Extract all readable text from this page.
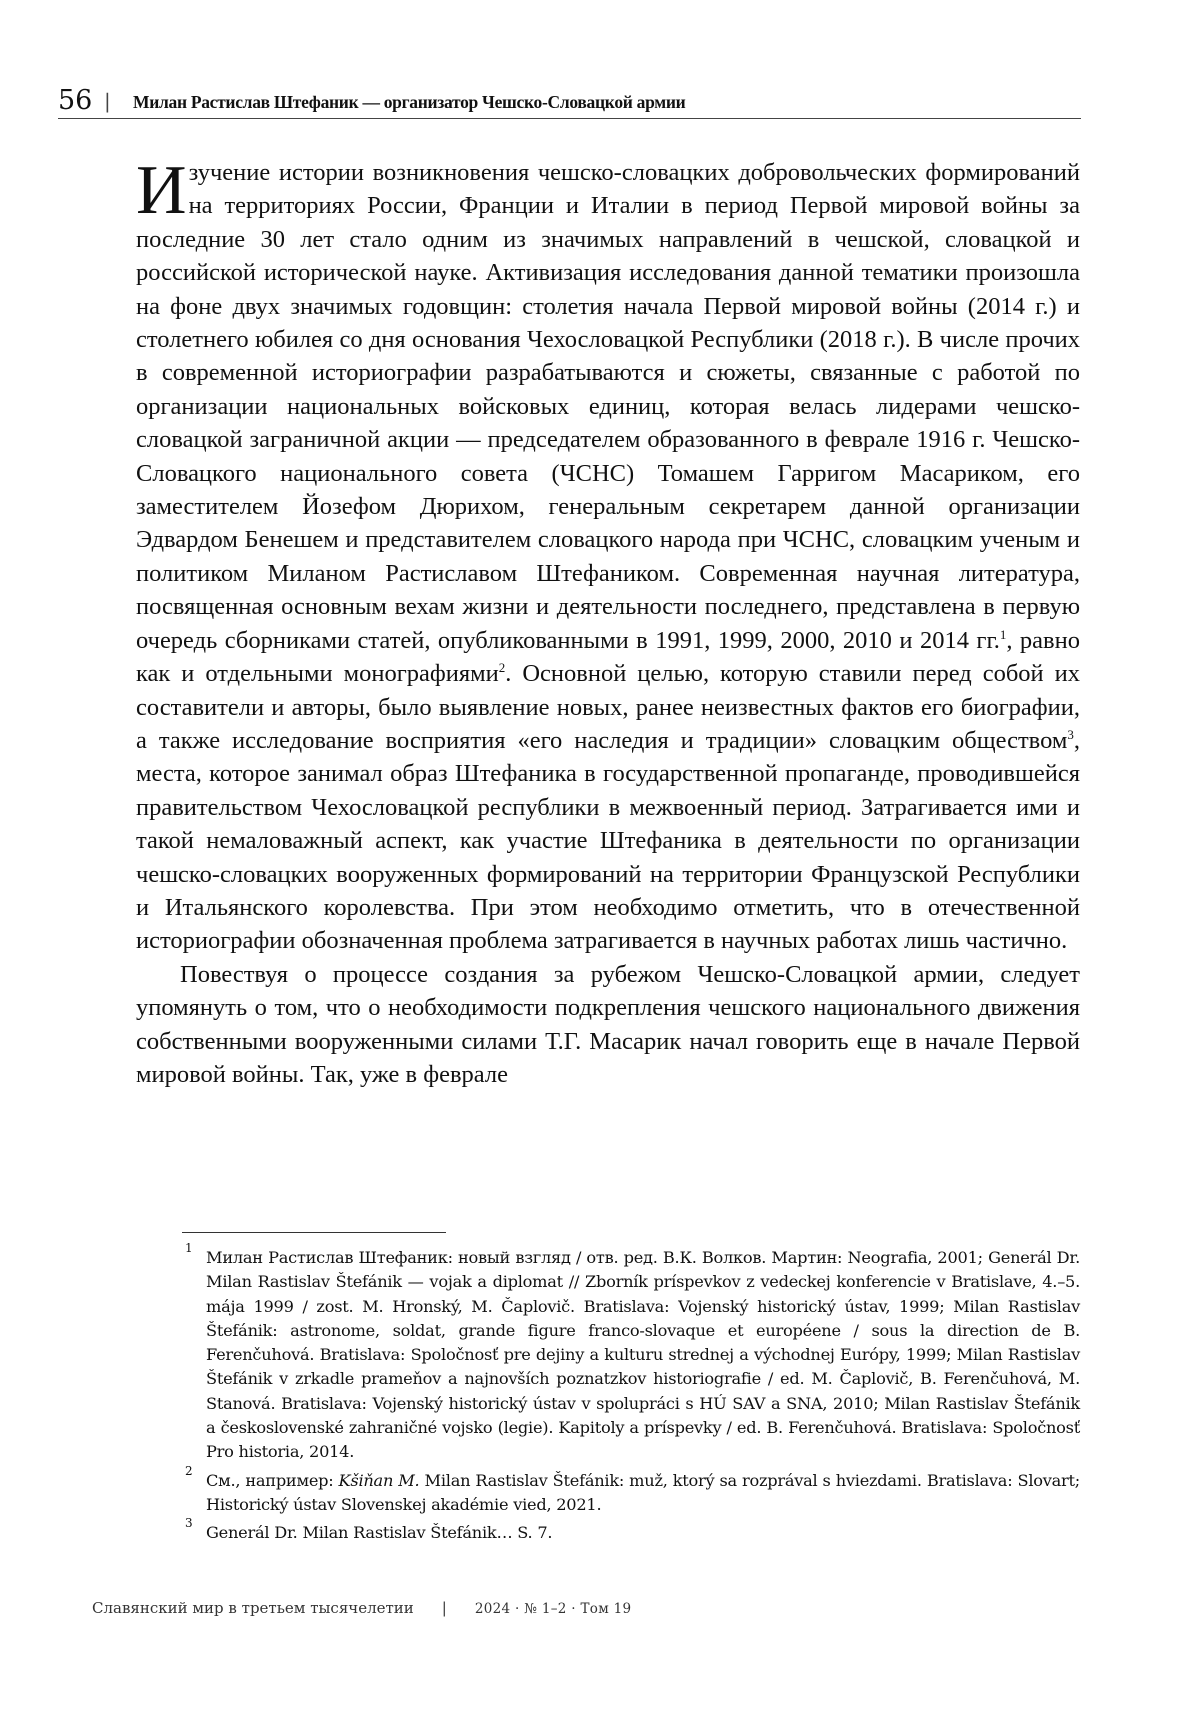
56 | Милан Растислав Штефаник — организатор Чешско-Словацкой армии

Изучение истории возникновения чешско-словацких добровольческих формирований на территориях России, Франции и Италии в период Первой мировой войны за последние 30 лет стало одним из значимых направлений в чешской, словацкой и российской исторической науке. Активизация исследования данной тематики произошла на фоне двух значимых годовщин: столетия начала Первой мировой войны (2014 г.) и столетнего юбилея со дня основания Чехословацкой Республики (2018 г.). В числе прочих в современной историографии разрабатываются и сюжеты, связанные с работой по организации национальных войсковых единиц, которая велась лидерами чешско-словацкой заграничной акции — председателем образованного в феврале 1916 г. Чешско-Словацкого национального совета (ЧСНС) Томашем Гарригом Масариком, его заместителем Йозефом Дюрихом, генеральным секретарем данной организации Эдвардом Бенешем и представителем словацкого народа при ЧСНС, словацким ученым и политиком Миланом Растиславом Штефаником. Современная научная литература, посвященная основным вехам жизни и деятельности последнего, представлена в первую очередь сборниками статей, опубликованными в 1991, 1999, 2000, 2010 и 2014 гг.$^1$, равно как и отдельными монографиями$^2$. Основной целью, которую ставили перед собой их составители и авторы, было выявление новых, ранее неизвестных фактов его биографии, а также исследование восприятия «его наследия и традиции» словацким обществом$^3$, места, которое занимал образ Штефаника в государственной пропаганде, проводившейся правительством Чехословацкой республики в межвоенный период. Затрагивается ими и такой немаловажный аспект, как участие Штефаника в деятельности по организации чешско-словацких вооруженных формирований на территории Французской Республики и Итальянского королевства. При этом необходимо отметить, что в отечественной историографии обозначенная проблема затрагивается в научных работах лишь частично.

Повествуя о процессе создания за рубежом Чешско-Словацкой армии, следует упомянуть о том, что о необходимости подкрепления чешского национального движения собственными вооруженными силами Т.Г. Масарик начал говорить еще в начале Первой мировой войны. Так, уже в феврале

1 Милан Растислав Штефаник: новый взгляд / отв. ред. В.К. Волков. Мартин: Neografia, 2001; Generál Dr. Milan Rastislav Štefánik — vojak a diplomat // Zborník príspevkov z vedeckej konferencie v Bratislave, 4.–5. mája 1999 / zost. M. Hronský, M. Čaplovič. Bratislava: Vojenský historický ústav, 1999; Milan Rastislav Štefánik: astronome, soldat, grande figure franco-slovaque et européene / sous la direction de B. Ferenčuhová. Bratislava: Spoločnosť pre dejiny a kulturu strednej a východnej Európy, 1999; Milan Rastislav Štefánik v zrkadle prameňov a najnovších poznatzkov historiografie / ed. M. Čaplovič, B. Ferenčuhová, M. Stanová. Bratislava: Vojenský historický ústav v spolupráci s HÚ SAV a SNA, 2010; Milan Rastislav Štefánik a československé zahraničné vojsko (legie). Kapitoly a príspevky / ed. B. Ferenčuhová. Bratislava: Spoločnosť Pro historia, 2014.
2 См., например: Kšiňan M. Milan Rastislav Štefánik: muž, ktorý sa rozprával s hviezdami. Bratislava: Slovart; Historický ústav Slovenskej akadémie vied, 2021.
3 Generál Dr. Milan Rastislav Štefánik… S. 7.
Славянский мир в третьем тысячелетии | 2024 · № 1–2 · Том 19
